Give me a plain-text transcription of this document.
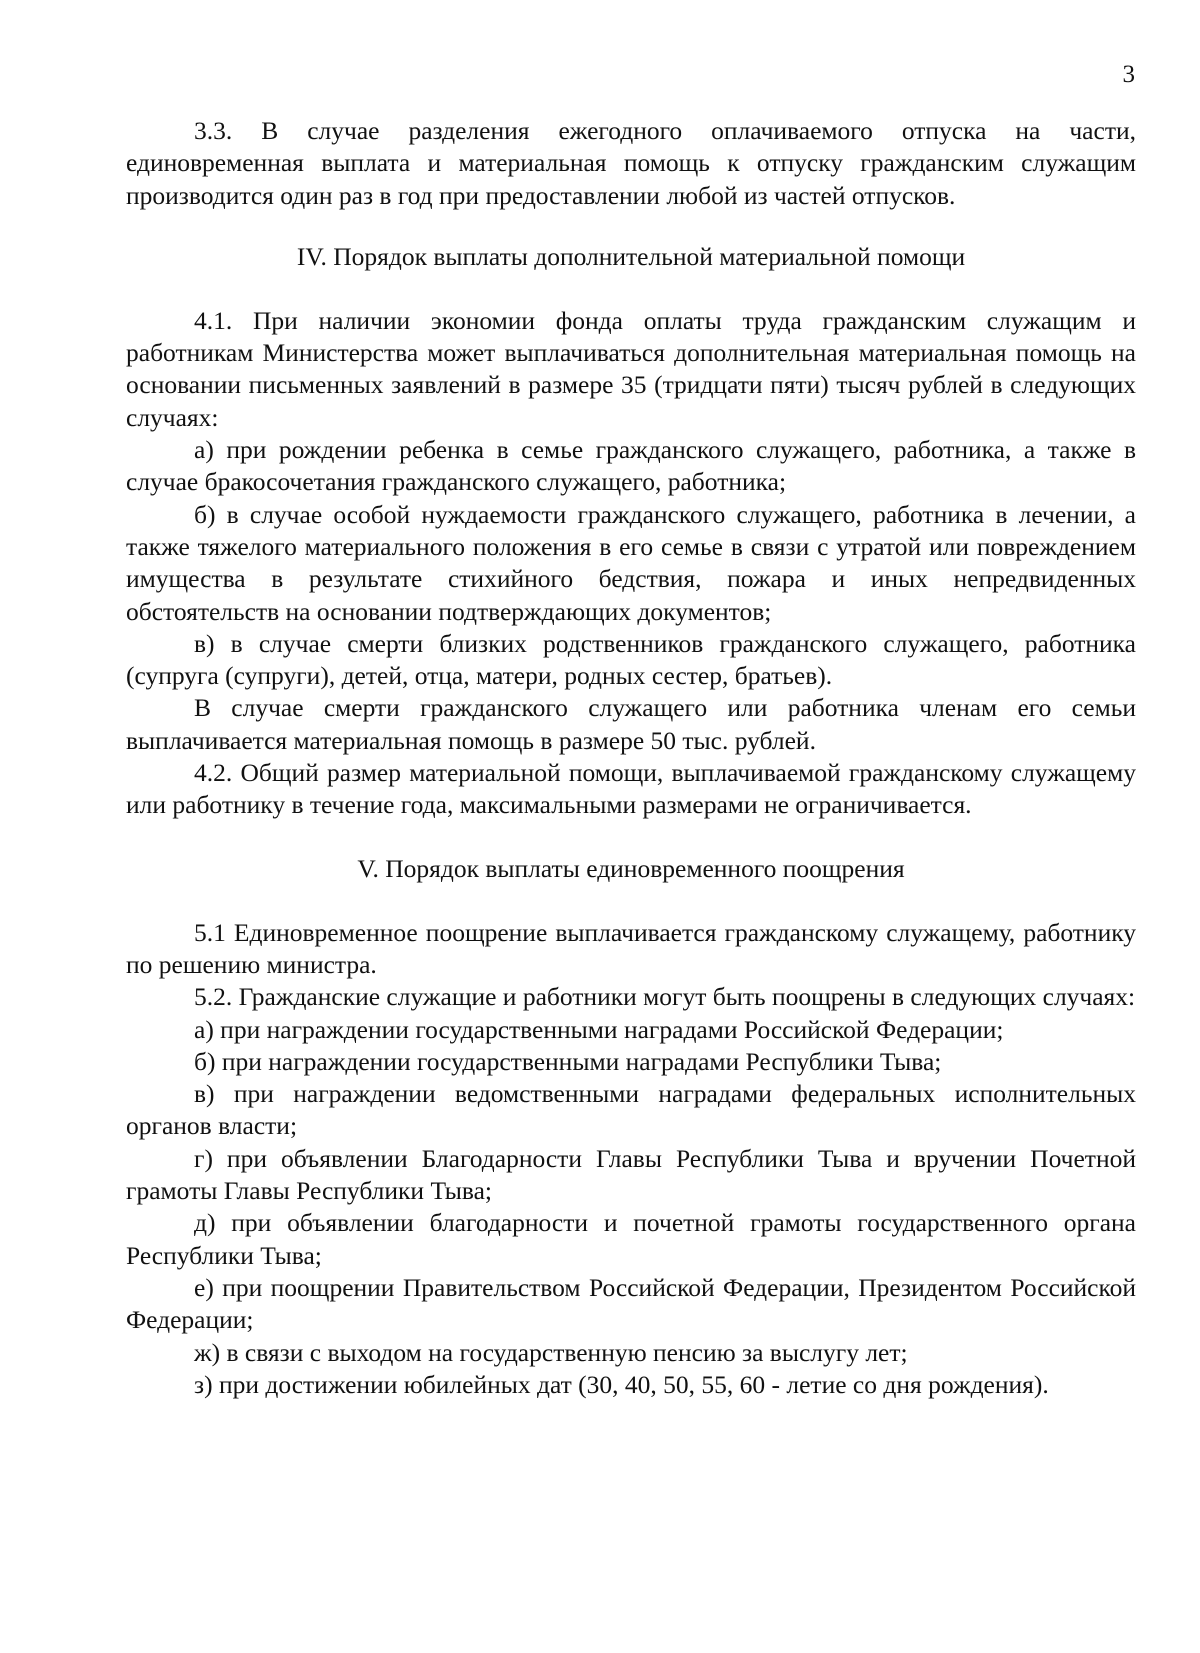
3

3.3. В случае разделения ежегодного оплачиваемого отпуска на части, единовременная выплата и материальная помощь к отпуску гражданским служащим производится один раз в год при предоставлении любой из частей отпусков.

IV. Порядок выплаты дополнительной материальной помощи

4.1. При наличии экономии фонда оплаты труда гражданским служащим и работникам Министерства может выплачиваться дополнительная материальная помощь на основании письменных заявлений в размере 35 (тридцати пяти) тысяч рублей в следующих случаях:

а) при рождении ребенка в семье гражданского служащего, работника, а также в случае бракосочетания гражданского служащего, работника;

б) в случае особой нуждаемости гражданского служащего, работника в лечении, а также тяжелого материального положения в его семье в связи с утратой или повреждением имущества в результате стихийного бедствия, пожара и иных непредвиденных обстоятельств на основании подтверждающих документов;

в) в случае смерти близких родственников гражданского служащего, работника (супруга (супруги), детей, отца, матери, родных сестер, братьев).

В случае смерти гражданского служащего или работника членам его семьи выплачивается материальная помощь в размере 50 тыс. рублей.

4.2. Общий размер материальной помощи, выплачиваемой гражданскому служащему или работнику в течение года, максимальными размерами не ограничивается.

V. Порядок выплаты единовременного поощрения

5.1 Единовременное поощрение выплачивается гражданскому служащему, работнику по решению министра.

5.2. Гражданские служащие и работники могут быть поощрены в следующих случаях:

а) при награждении государственными наградами Российской Федерации;

б) при награждении государственными наградами Республики Тыва;

в) при награждении ведомственными наградами федеральных исполнительных органов власти;

г) при объявлении Благодарности Главы Республики Тыва и вручении Почетной грамоты Главы Республики Тыва;

д) при объявлении благодарности и почетной грамоты государственного органа Республики Тыва;

е) при поощрении Правительством Российской Федерации, Президентом Российской Федерации;

ж) в связи с выходом на государственную пенсию за выслугу лет;

з) при достижении юбилейных дат (30, 40, 50, 55, 60 - летие со дня рождения).
